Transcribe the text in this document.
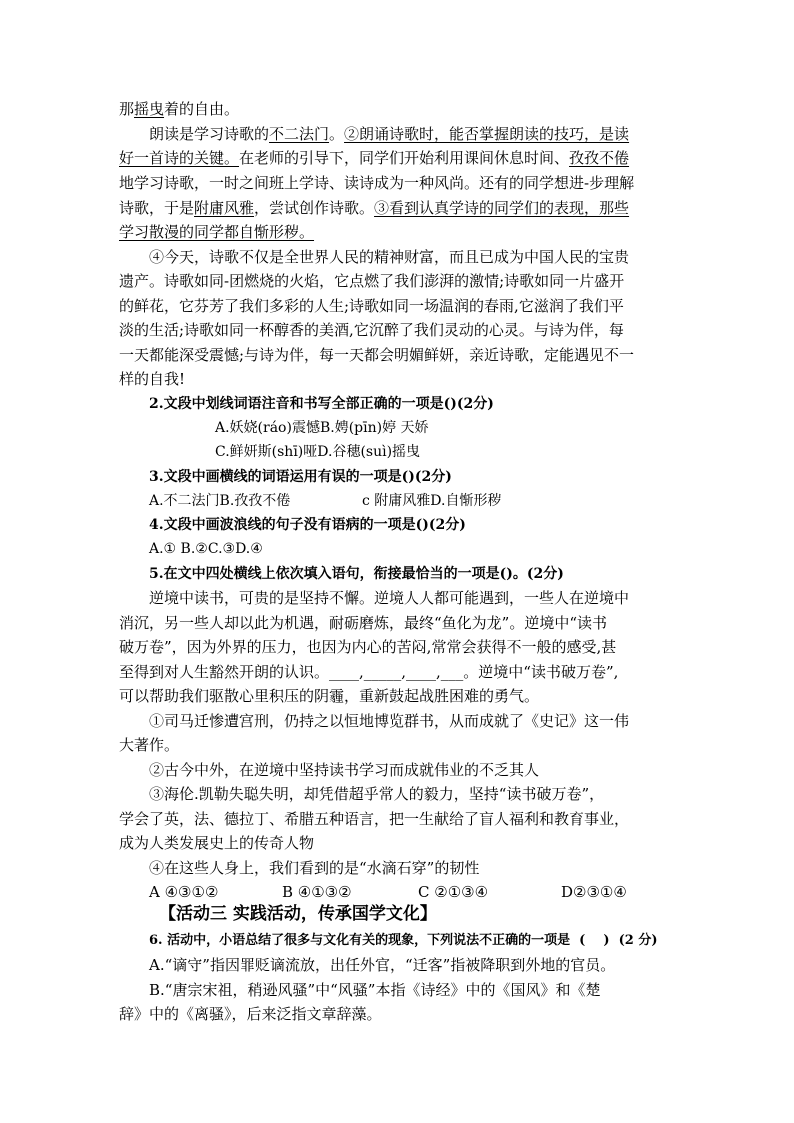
那摇曳着的自由。
朗读是学习诗歌的不二法门。②朗诵诗歌时，能否掌握朗读的技巧，是读
好一首诗的关键。在老师的引导下，同学们开始利用课间休息时间、孜孜不倦
地学习诗歌，一时之间班上学诗、读诗成为一种风尚。还有的同学想进-步理解
诗歌，于是附庸风雅，尝试创作诗歌。③看到认真学诗的同学们的表现，那些
学习散漫的同学都自惭形秽。
④今天，诗歌不仅是全世界人民的精神财富，而且已成为中国人民的宝贵
遗产。诗歌如同-团燃烧的火焰，它点燃了我们澎湃的激情;诗歌如同一片盛开
的鲜花，它芬芳了我们多彩的人生;诗歌如同一场温润的春雨,它滋润了我们平
淡的生活;诗歌如同一杯醇香的美酒,它沉醉了我们灵动的心灵。与诗为伴，每
一天都能深受震憾;与诗为伴，每一天都会明媚鲜妍，亲近诗歌，定能遇见不一
样的自我!
2.文段中划线词语注音和书写全部正确的一项是()(2分)
A.妖娆(ráo)震憾B.娉(pīn)婷 天娇
C.鲜妍斯(shī)哑D.谷穗(suì)摇曳
3.文段中画横线的词语运用有误的一项是()(2分)
A.不二法门B.孜孜不倦	c 附庸风雅D.自惭形秽
4.文段中画波浪线的句子没有语病的一项是()(2分)
A.① B.②C.③D.④
5.在文中四处横线上依次填入语句，衔接最恰当的一项是()。(2分)
逆境中读书，可贵的是坚持不懈。逆境人人都可能遇到，一些人在逆境中
消沉，另一些人却以此为机遇，耐砺磨炼，最终“鱼化为龙”。逆境中“读书
破万卷”，因为外界的压力，也因为内心的苦闷,常常会获得不一般的感受,甚
至得到对人生豁然开朗的认识。____,_____,____,___。逆境中“读书破万卷”,
可以帮助我们驱散心里积压的阴霾，重新鼓起战胜困难的勇气。
①司马迁惨遭宫刑，仍持之以恒地博览群书，从而成就了《史记》这一伟
大著作。
②古今中外，在逆境中坚持读书学习而成就伟业的不乏其人
③海伦.凯勒失聪失明，却凭借超乎常人的毅力，坚持“读书破万卷”，
学会了英，法、德拉丁、希腊五种语言，把一生献给了盲人福利和教育事业，
成为人类发展史上的传奇人物
④在这些人身上，我们看到的是“水滴石穿”的韧性
A ④③①②	B ④①③②	C ②①③④	D②③①④
【活动三 实践活动，传承国学文化】
6. 活动中，小语总结了很多与文化有关的现象，下列说法不正确的一项是  (    )  (2 分)
A.“谪守”指因罪贬谪流放，出任外官，“迁客”指被降职到外地的官员。
B.“唐宗宋祖，稍逊风骚”中“风骚”本指《诗经》中的《国风》和《楚
辞》中的《离骚》，后来泛指文章辞藻。
